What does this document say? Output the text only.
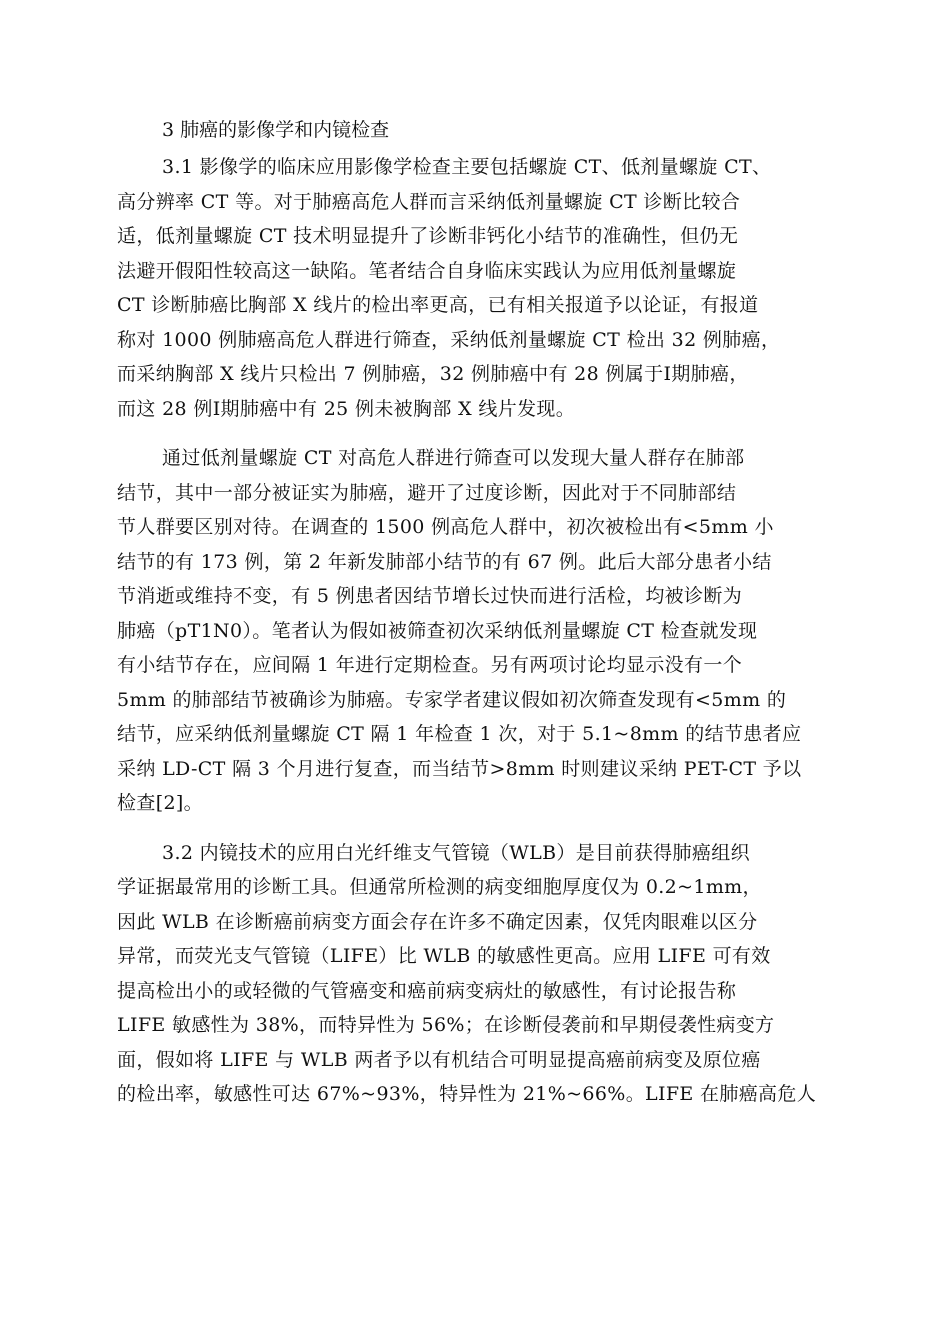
3 肺癌的影像学和内镜检查
3.1 影像学的临床应用影像学检查主要包括螺旋 CT、低剂量螺旋 CT、
高分辨率 CT 等。对于肺癌高危人群而言采纳低剂量螺旋 CT 诊断比较合
适，低剂量螺旋 CT 技术明显提升了诊断非钙化小结节的准确性，但仍无
法避开假阳性较高这一缺陷。笔者结合自身临床实践认为应用低剂量螺旋
CT 诊断肺癌比胸部 X 线片的检出率更高，已有相关报道予以论证，有报道
称对 1000 例肺癌高危人群进行筛查，采纳低剂量螺旋 CT 检出 32 例肺癌，
而采纳胸部 X 线片只检出 7 例肺癌，32 例肺癌中有 28 例属于Ⅰ期肺癌，
而这 28 例Ⅰ期肺癌中有 25 例未被胸部 X 线片发现。
通过低剂量螺旋 CT 对高危人群进行筛查可以发现大量人群存在肺部
结节，其中一部分被证实为肺癌，避开了过度诊断，因此对于不同肺部结
节人群要区别对待。在调查的 1500 例高危人群中，初次被检出有<5mm 小
结节的有 173 例，第 2 年新发肺部小结节的有 67 例。此后大部分患者小结
节消逝或维持不变，有 5 例患者因结节增长过快而进行活检，均被诊断为
肺癌（pT1N0）。笔者认为假如被筛查初次采纳低剂量螺旋 CT 检查就发现
有小结节存在，应间隔 1 年进行定期检查。另有两项讨论均显示没有一个
5mm 的肺部结节被确诊为肺癌。专家学者建议假如初次筛查发现有<5mm 的
结节，应采纳低剂量螺旋 CT 隔 1 年检查 1 次，对于 5.1~8mm 的结节患者应
采纳 LD-CT 隔 3 个月进行复查，而当结节>8mm 时则建议采纳 PET-CT 予以
检查[2]。
3.2 内镜技术的应用白光纤维支气管镜（WLB）是目前获得肺癌组织
学证据最常用的诊断工具。但通常所检测的病变细胞厚度仅为 0.2~1mm，
因此 WLB 在诊断癌前病变方面会存在许多不确定因素，仅凭肉眼难以区分
异常，而荧光支气管镜（LIFE）比 WLB 的敏感性更高。应用 LIFE 可有效
提高检出小的或轻微的气管癌变和癌前病变病灶的敏感性，有讨论报告称
LIFE 敏感性为 38%，而特异性为 56%；在诊断侵袭前和早期侵袭性病变方
面，假如将 LIFE 与 WLB 两者予以有机结合可明显提高癌前病变及原位癌
的检出率，敏感性可达 67%~93%，特异性为 21%~66%。LIFE 在肺癌高危人
